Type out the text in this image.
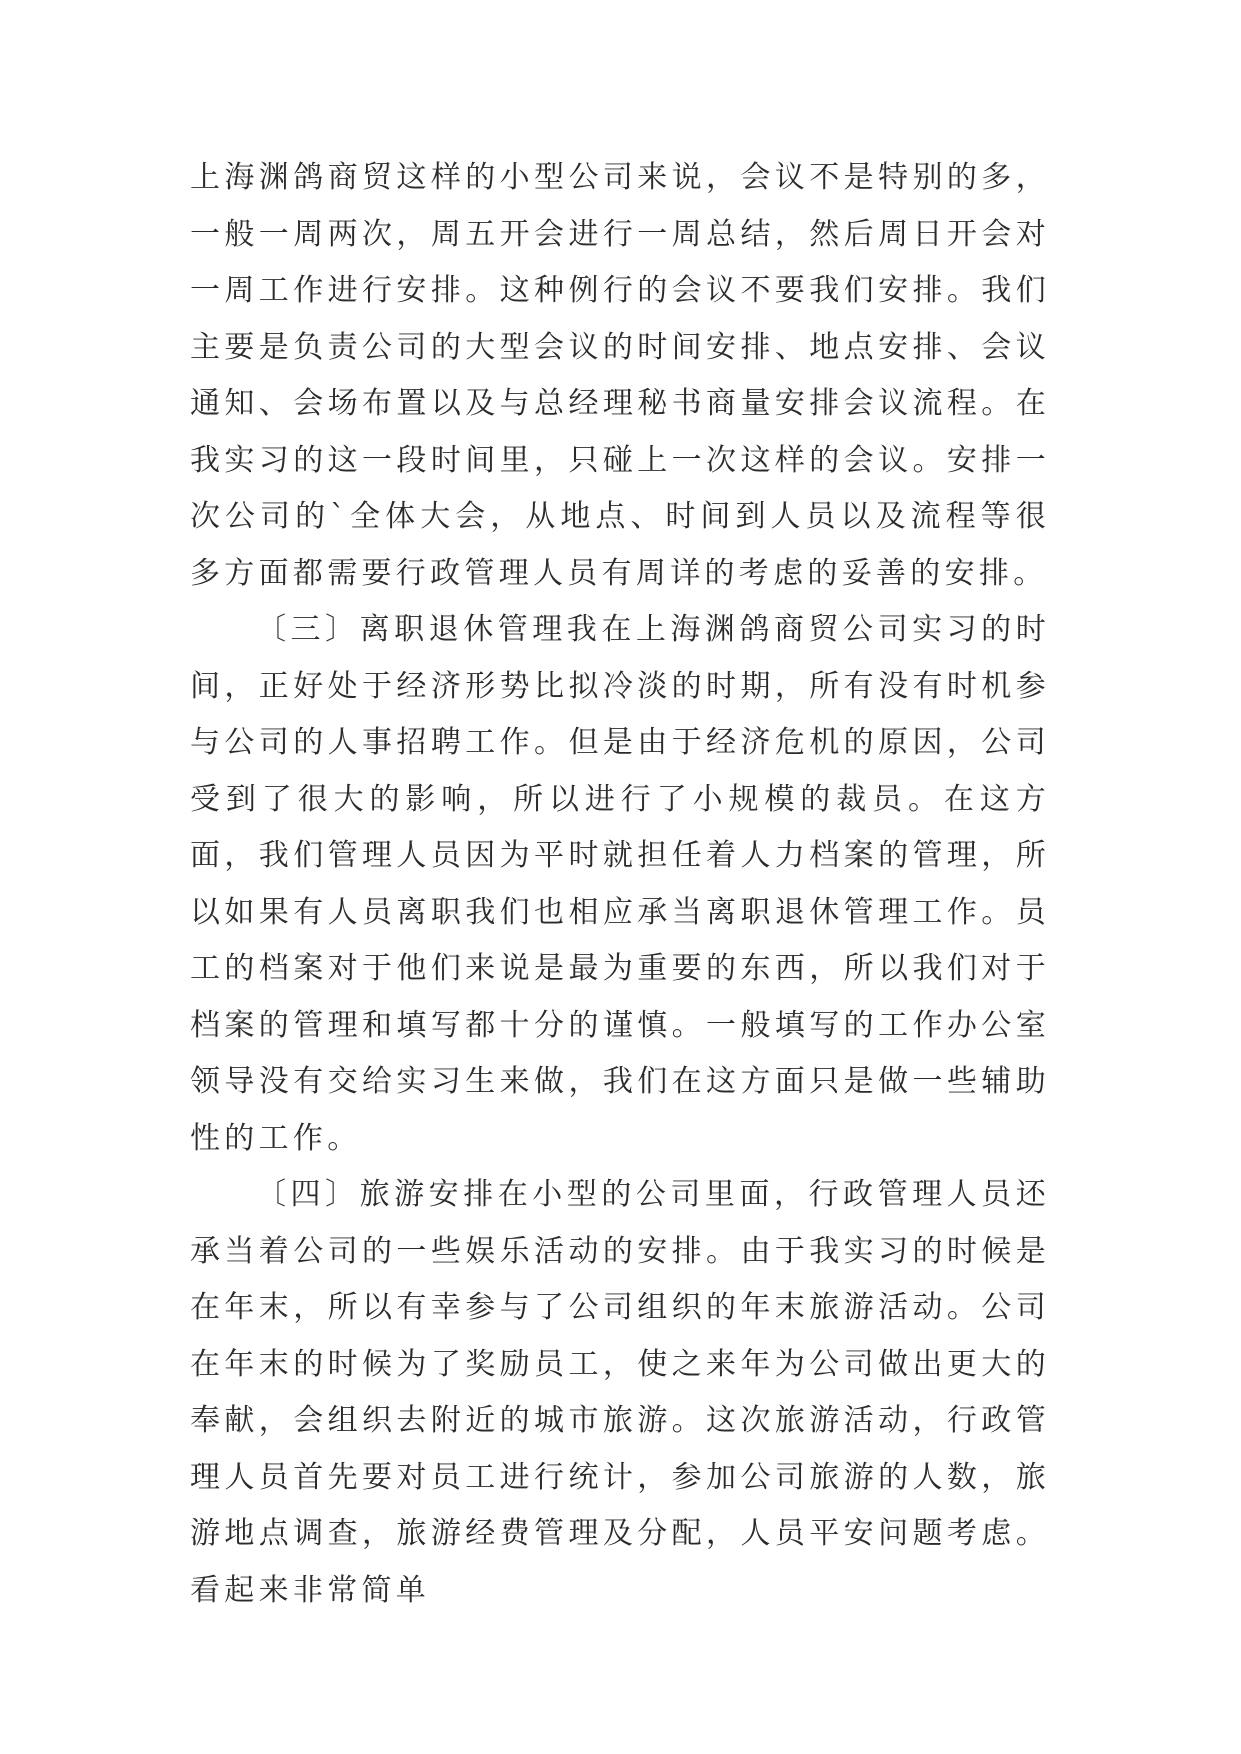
上海渊鸽商贸这样的小型公司来说，会议不是特别的多，一般一周两次，周五开会进行一周总结，然后周日开会对一周工作进行安排。这种例行的会议不要我们安排。我们主要是负责公司的大型会议的时间安排、地点安排、会议通知、会场布置以及与总经理秘书商量安排会议流程。在我实习的这一段时间里，只碰上一次这样的会议。安排一次公司的`全体大会，从地点、时间到人员以及流程等很多方面都需要行政管理人员有周详的考虑的妥善的安排。

〔三〕离职退休管理我在上海渊鸽商贸公司实习的时间，正好处于经济形势比拟冷淡的时期，所有没有时机参与公司的人事招聘工作。但是由于经济危机的原因，公司受到了很大的影响，所以进行了小规模的裁员。在这方面，我们管理人员因为平时就担任着人力档案的管理，所以如果有人员离职我们也相应承当离职退休管理工作。员工的档案对于他们来说是最为重要的东西，所以我们对于档案的管理和填写都十分的谨慎。一般填写的工作办公室领导没有交给实习生来做，我们在这方面只是做一些辅助性的工作。

〔四〕旅游安排在小型的公司里面，行政管理人员还承当着公司的一些娱乐活动的安排。由于我实习的时候是在年末，所以有幸参与了公司组织的年末旅游活动。公司在年末的时候为了奖励员工，使之来年为公司做出更大的奉献，会组织去附近的城市旅游。这次旅游活动，行政管理人员首先要对员工进行统计，参加公司旅游的人数，旅游地点调查，旅游经费管理及分配，人员平安问题考虑。看起来非常简单
